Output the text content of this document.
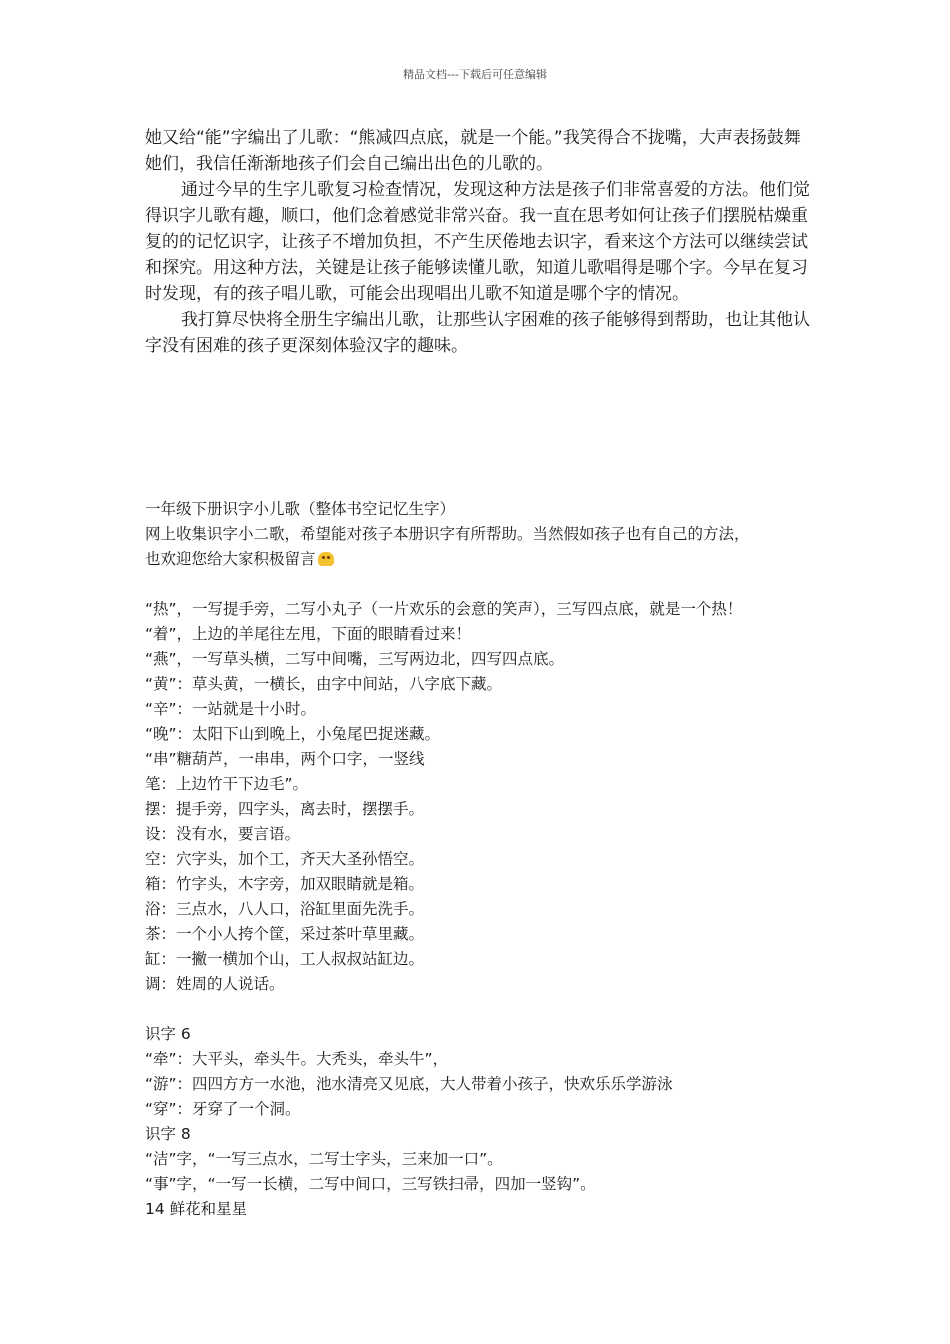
精品文档---下载后可任意编辑

她又给“能”字编出了儿歌：“熊减四点底，就是一个能。”我笑得合不拢嘴，大声表扬鼓舞她们，我信任渐渐地孩子们会自己编出出色的儿歌的。

通过今早的生字儿歌复习检查情况，发现这种方法是孩子们非常喜爱的方法。他们觉得识字儿歌有趣，顺口，他们念着感觉非常兴奋。我一直在思考如何让孩子们摆脱枯燥重复的的记忆识字，让孩子不增加负担，不产生厌倦地去识字，看来这个方法可以继续尝试和探究。用这种方法，关键是让孩子能够读懂儿歌，知道儿歌唱得是哪个字。今早在复习时发现，有的孩子唱儿歌，可能会出现唱出儿歌不知道是哪个字的情况。

我打算尽快将全册生字编出儿歌，让那些认字困难的孩子能够得到帮助，也让其他认字没有困难的孩子更深刻体验汉字的趣味。

一年级下册识字小儿歌（整体书空记忆生字）
网上收集识字小二歌，希望能对孩子本册识字有所帮助。当然假如孩子也有自己的方法，
也欢迎您给大家积极留言
“热”，一写提手旁，二写小丸子（一片欢乐的会意的笑声），三写四点底，就是一个热！
“着”，上边的羊尾往左甩，下面的眼睛看过来！
“燕”，一写草头横，二写中间嘴，三写两边北，四写四点底。
“黄”：草头黄，一横长，由字中间站，八字底下藏。
“辛”：一站就是十小时。
“晚”：太阳下山到晚上，小兔尾巴捉迷藏。
“串”糖葫芦，一串串，两个口字，一竖线
笔：上边竹干下边毛”。
摆：提手旁，四字头，离去时，摆摆手。
设：没有水，要言语。
空：穴字头，加个工，齐天大圣孙悟空。
箱：竹字头，木字旁，加双眼睛就是箱。
浴：三点水，八人口，浴缸里面先洗手。
茶：一个小人挎个筐，采过茶叶草里藏。
缸：一撇一横加个山，工人叔叔站缸边。
调：姓周的人说话。
识字 6
“牵”：大平头，牵头牛。大秃头，牵头牛”，
“游”：四四方方一水池，池水清亮又见底，大人带着小孩子，快欢乐乐学游泳
“穿”：牙穿了一个洞。
识字 8
“洁”字，“一写三点水，二写士字头，三来加一口”。
“事”字，“一写一长横，二写中间口，三写铁扫帚，四加一竖钩”。
14 鲜花和星星
